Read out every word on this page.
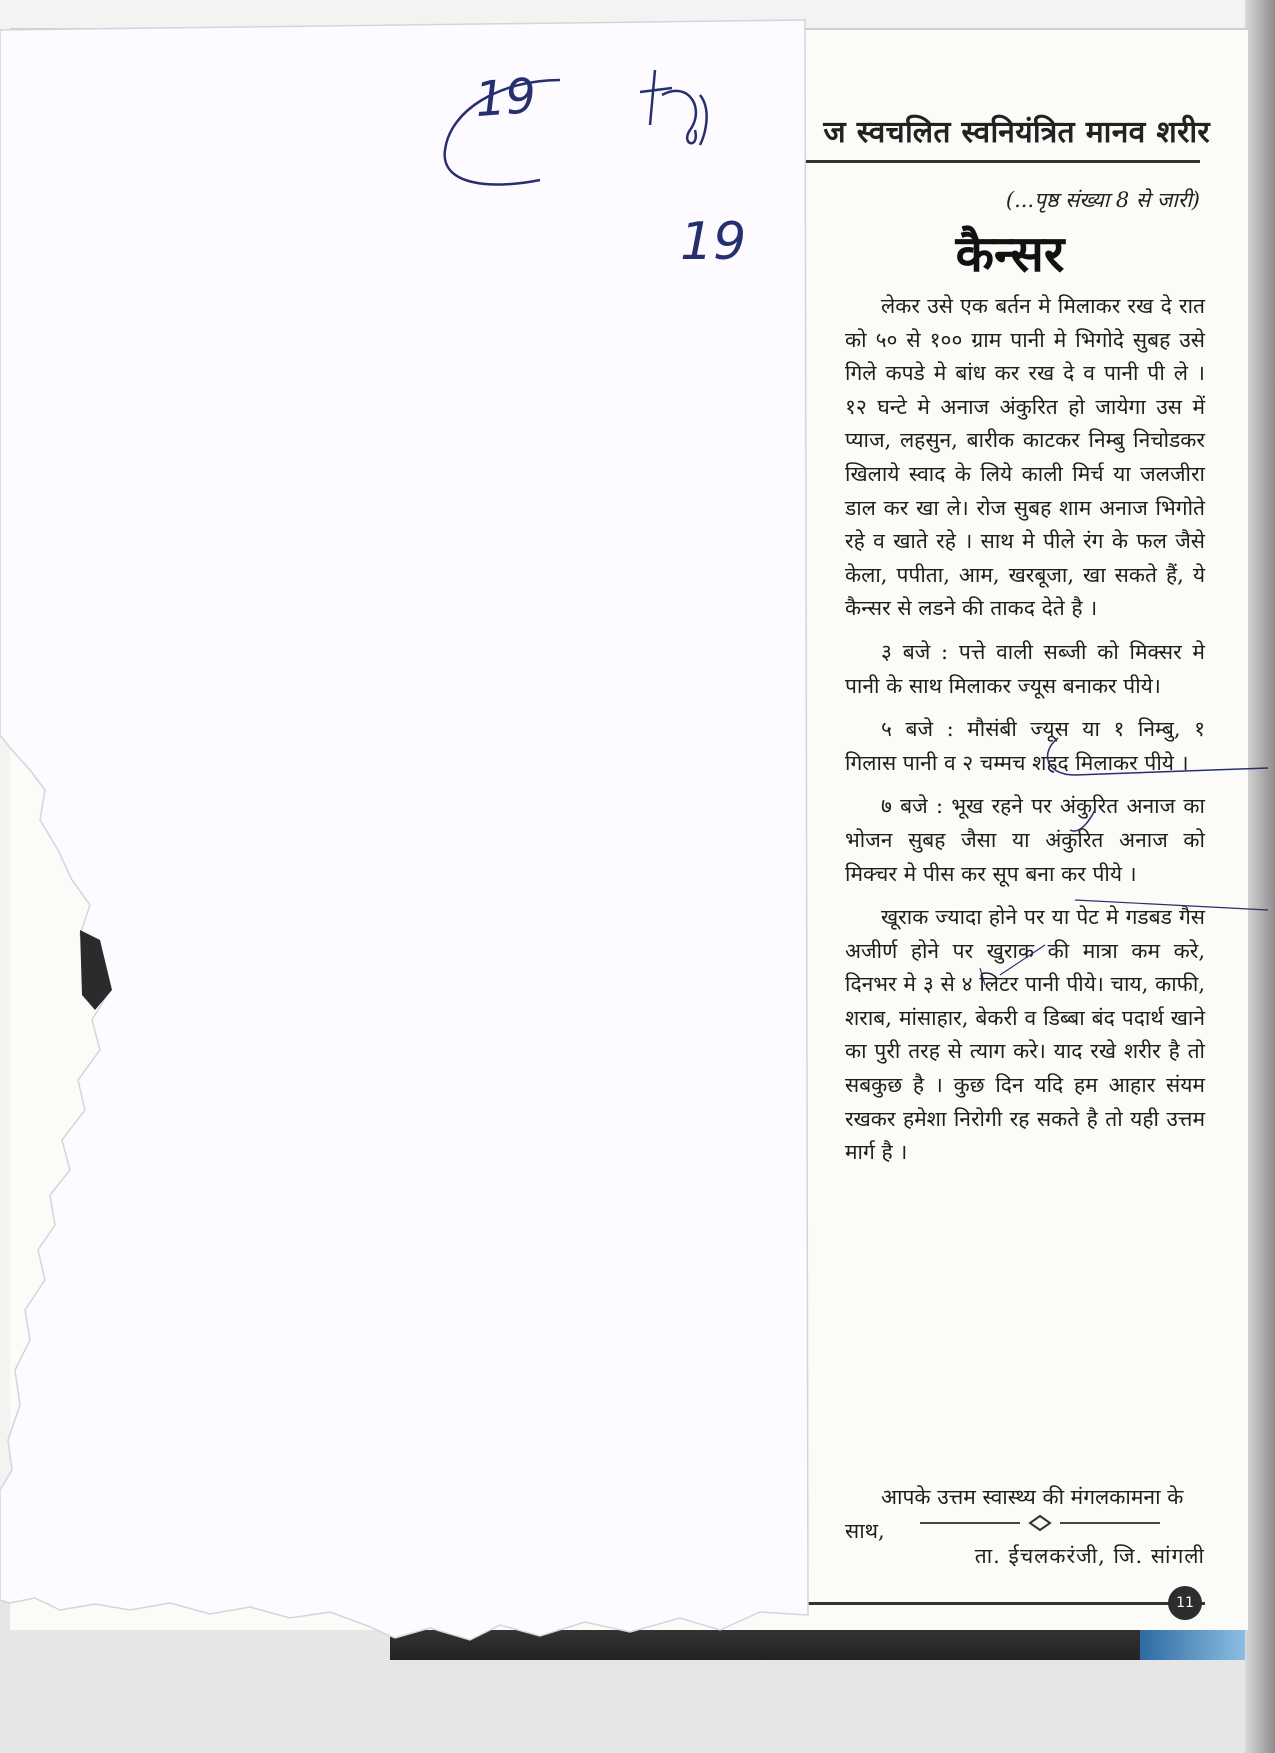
ज स्वचलित स्वनियंत्रित मानव शरीर
(...पृष्ठ संख्या 8 से जारी)
कैन्सर

लेकर उसे एक बर्तन मे मिलाकर रख दे रात को ५० से १०० ग्राम पानी मे भिगोदे सुबह उसे गिले कपडे मे बांध कर रख दे व पानी पी ले । १२ घन्टे मे अनाज अंकुरित हो जायेगा उस में प्याज, लहसुन, बारीक काटकर निम्बु निचोडकर खिलाये स्वाद के लिये काली मिर्च या जलजीरा डाल कर खा ले। रोज सुबह शाम अनाज भिगोते रहे व खाते रहे । साथ मे पीले रंग के फल जैसे केला, पपीता, आम, खरबूजा, खा सकते हैं, ये कैन्सर से लडने की ताकद देते है ।

३ बजे : पत्ते वाली सब्जी को मिक्सर मे पानी के साथ मिलाकर ज्यूस बनाकर पीये।

५ बजे : मौसंबी ज्यूस या १ निम्बु, १ गिलास पानी व २ चम्मच शहद मिलाकर पीये ।

७ बजे : भूख रहने पर अंकुरित अनाज का भोजन सुबह जैसा या अंकुरित अनाज को मिक्चर मे पीस कर सूप बना कर पीये ।

खूराक ज्यादा होने पर या पेट मे गडबड गैस अजीर्ण होने पर खुराक की मात्रा कम करे, दिनभर मे ३ से ४ लिटर पानी पीये। चाय, काफी, शराब, मांसाहार, बेकरी व डिब्बा बंद पदार्थ खाने का पुरी तरह से त्याग करे। याद रखे शरीर है तो सबकुछ है । कुछ दिन यदि हम आहार संयम रखकर हमेशा निरोगी रह सकते है तो यही उत्तम मार्ग है ।

आपके उत्तम स्वास्थ्य की मंगलकामना के साथ,
ता. ईचलकरंजी, जि. सांगली
11
19
19
